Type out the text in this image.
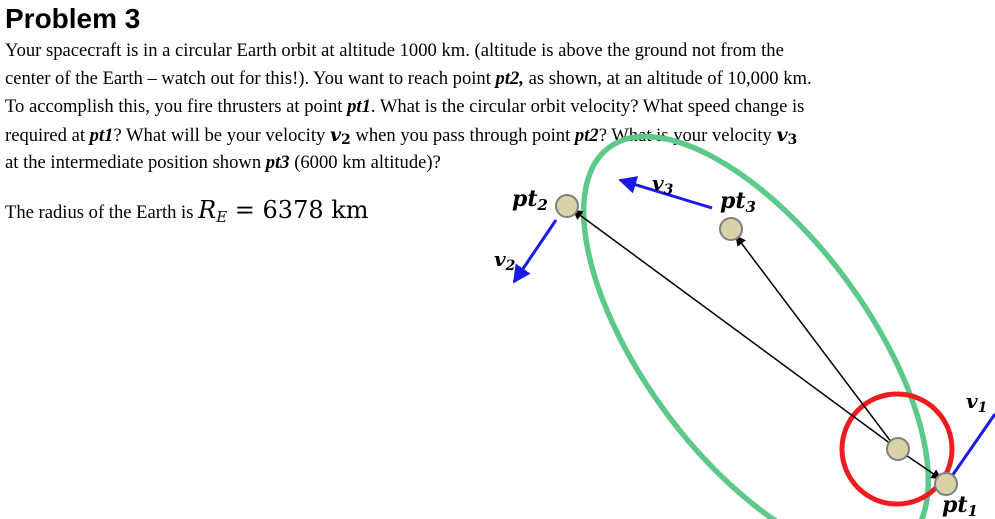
Problem 3
Your spacecraft is in a circular Earth orbit at altitude 1000 km. (altitude is above the ground not from the
center of the Earth – watch out for this!). You want to reach point pt2, as shown, at an altitude of 10,000 km.
To accomplish this, you fire thrusters at point pt1. What is the circular orbit velocity? What speed change is
required at pt1? What will be your velocity $v_2$ when you pass through point pt2? What is your velocity $v_3$
at the intermediate position shown pt3 (6000 km altitude)?
The radius of the Earth is $R_E = 6378$ km	pt2	pt3
pt1
$v_3$
$v_2$
$v_1$
